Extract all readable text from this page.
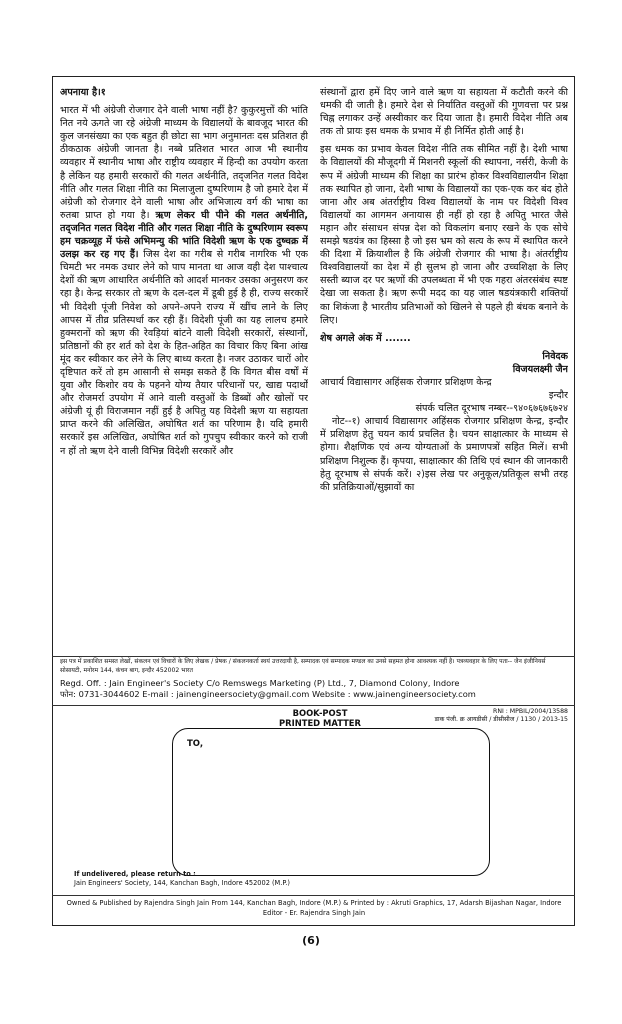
अपनाया है।१

भारत में भी अंग्रेजी रोजगार देने वाली भाषा नहीं है? कुकुरमुत्तों की भांति नित नये ऊगते जा रहे अंग्रेजी माध्यम के विद्यालयों के बावजूद भारत की कुल जनसंख्या का एक बहुत ही छोटा सा भाग अनुमानतः दस प्रतिशत ही ठीकठाक अंग्रेजी जानता है। नब्बे प्रतिशत भारत आज भी स्थानीय व्यवहार में स्थानीय भाषा और राष्ट्रीय व्यवहार में हिन्दी का उपयोग करता है लेकिन यह हमारी सरकारों की गलत अर्थनीति, तद्जनित गलत विदेश नीति और गलत शिक्षा नीति का मिलाजुला दुष्परिणाम है जो हमारे देश में अंग्रेजी को रोजगार देने वाली भाषा और अभिजात्य वर्ग की भाषा का रुतबा प्राप्त हो गया है। ऋण लेकर घी पीने की गलत अर्थनीति, तद्जनित गलत विदेश नीति और गलत शिक्षा नीति के दुष्परिणाम स्वरूप हम चक्रव्यूह में फंसे अभिमन्यु की भांति विदेशी ऋण के एक दुष्चक्र में उलझ कर रह गए हैं। जिस देश का गरीब से गरीब नागरिक भी एक चिमटी भर नमक उधार लेने को पाप मानता था आज वही देश पाश्चात्य देशों की ऋण आधारित अर्थनीति को आदर्श मानकर उसका अनुसरण कर रहा है। केन्द्र सरकार तो ऋण के दल-दल में डूबी हुई है ही, राज्य सरकारें भी विदेशी पूंजी निवेश को अपने-अपने राज्य में खींच लाने के लिए आपस में तीव्र प्रतिस्पर्धा कर रही हैं। विदेशी पूंजी का यह लालच हमारे हुक्मरानों को ऋण की रेवड़ियां बांटने वाली विदेशी सरकारों, संस्थानों, प्रतिष्ठानों की हर शर्त को देश के हित-अहित का विचार किए बिना आंख मूंद कर स्वीकार कर लेने के लिए बाध्य करता है। नजर उठाकर चारों ओर दृष्टिपात करें तो हम आसानी से समझ सकते हैं कि विगत बीस वर्षों में युवा और किशोर वय के पहनने योग्य तैयार परिधानों पर, खाद्य पदार्थों और रोजमर्रा उपयोग में आने वाली वस्तुओं के डिब्बों और खोलों पर अंग्रेजी यूं ही विराजमान नहीं हुई है अपितु यह विदेशी ऋण या सहायता प्राप्त करने की अलिखित, अघोषित शर्त का परिणाम है। यदि हमारी सरकारें इस अलिखित, अघोषित शर्त को गुपचुप स्वीकार करने को राजी न हों तो ऋण देने वाली विभिन्न विदेशी सरकारें और

संस्थानों द्वारा हमें दिए जाने वाले ऋण या सहायता में कटौती करने की धमकी दी जाती है। हमारे देश से निर्यातित वस्तुओं की गुणवत्ता पर प्रश्न चिह्न लगाकर उन्हें अस्वीकार कर दिया जाता है। हमारी विदेश नीति अब तक तो प्रायः इस धमक के प्रभाव में ही निर्मित होती आई है।

इस धमक का प्रभाव केवल विदेश नीति तक सीमित नहीं है। देशी भाषा के विद्यालयों की मौजूदगी में मिशनरी स्कूलों की स्थापना, नर्सरी, केजी के रूप में अंग्रेजी माध्यम की शिक्षा का प्रारंभ होकर विश्वविद्यालयीन शिक्षा तक स्थापित हो जाना, देशी भाषा के विद्यालयों का एक-एक कर बंद होते जाना और अब अंतर्राष्ट्रीय विश्व विद्यालयों के नाम पर विदेशी विश्व विद्यालयों का आगमन अनायास ही नहीं हो रहा है अपितु भारत जैसे महान और संसाधन संपन्न देश को विकलांग बनाए रखने के एक सोचे समझे षडयंत्र का हिस्सा है जो इस भ्रम को सत्य के रूप में स्थापित करने की दिशा में क्रियाशील है कि अंग्रेजी रोजगार की भाषा है। अंतर्राष्ट्रीय विश्वविद्यालयों का देश में ही सुलभ हो जाना और उच्चशिक्षा के लिए सस्ती ब्याज दर पर ऋणों की उपलब्धता में भी एक गहरा अंतरसंबंध स्पष्ट देखा जा सकता है। ऋण रूपी मदद का यह जाल षडयंत्रकारी शक्तियों का शिकंजा है भारतीय प्रतिभाओं को खिलने से पहले ही बंधक बनाने के लिए।

शेष अगले अंक में .......

निवेदक
विजयलक्ष्मी जैन
आचार्य विद्यासागर अहिंसक रोजगार प्रशिक्षण केन्द्र
इन्दौर
संपर्क चलित दूरभाष नम्बर--९४०६७६७६७२४

नोट--१) आचार्य विद्यासागर अहिंसक रोजगार प्रशिक्षण केन्द्र, इन्दौर में प्रशिक्षण हेतु चयन कार्य प्रचलित है। चयन साक्षात्कार के माध्यम से होगा। शैक्षणिक एवं अन्य योग्यताओं के प्रमाणपत्रों सहित मिलें। सभी प्रशिक्षण निशुल्क हैं। कृपया, साक्षात्कार की तिथि एवं स्थान की जानकारी हेतु दूरभाष से संपर्क करें। २)इस लेख पर अनुकूल/प्रतिकूल सभी तरह की प्रतिक्रियाओं/सुझावों का

इस पत्र में प्रकाशित समस्त लेखों, संकलन एवं विचारों के लिए लेखक / प्रेषक / संकलनकर्ता स्वयं उत्तरदायी है, सम्पादक एवं सम्पादक मण्डल का उनसे सहमत होना आवश्यक नहीं है। पत्रव्यवहार के लिए पता-- जैन इंजीनियर्स सोसायटी, मनोरम 144, कंचन बाग, इन्दौर 452002 भारत
Regd. Off. : Jain Engineer's Society C/o Remswegs Marketing (P) Ltd., 7, Diamond Colony, Indore
फोन: 0731-3044602 E-mail : jainengineersociety@gmail.com Website : www.jainengineersociety.com
BOOK-POST
PRINTED MATTER
RNI : MPBIL/2004/13588
डाक पंजी. क्र आयडीसी / डीसीसीज / 1130 / 2013-15
TO,
If undelivered, please return to :
Jain Engineers' Society, 144, Kanchan Bagh, Indore 452002 (M.P.)
Owned & Published by Rajendra Singh Jain From 144, Kanchan Bagh, Indore (M.P.) & Printed by : Akruti Graphics, 17, Adarsh Bijashan Nagar, Indore
Editor - Er. Rajendra Singh Jain
(6)
